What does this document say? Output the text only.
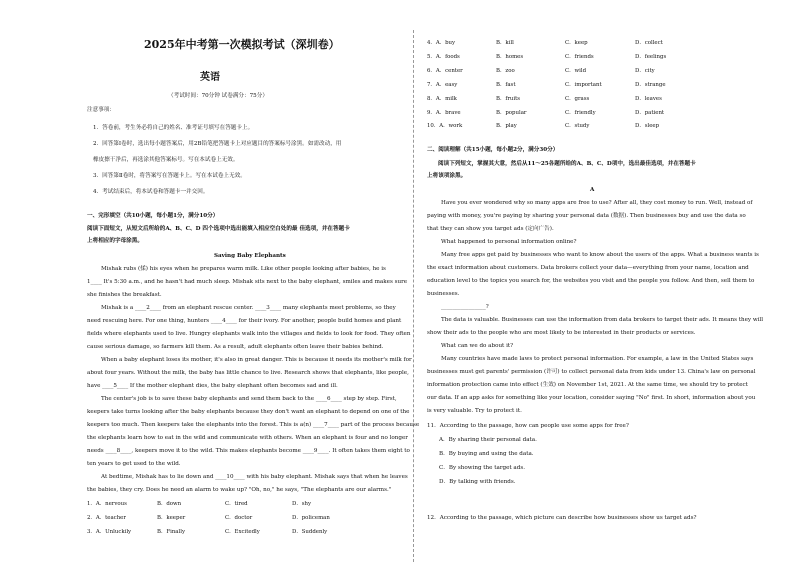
2025年中考第一次模拟考试（深圳卷）
英语
（考试时间：70分钟 试卷满分：75分）
注意事项：
1．答卷前，考生务必将自己的姓名、准考证号填写在答题卡上。
2．回答第Ⅰ卷时，选出每小题答案后，用2B铅笔把答题卡上对应题目的答案标号涂黑。如需改动，用
橡皮擦干净后，再选涂其他答案标号。写在本试卷上无效。
3．回答第Ⅱ卷时，将答案写在答题卡上。写在本试卷上无效。
4．考试结束后，将本试卷和答题卡一并交回。
一、完形填空（共10小题，每小题1分，满分10分）
阅读下面短文，从短文后所给的A、B、C、D 四个选项中选出能填入相应空白处的最 佳选项，并在答题卡
上将相应的字母涂黑。
Saving Baby Elephants
Mishak rubs (揉) his eyes when he prepares warm milk. Like other people looking after babies, he is
1____ It's 5:30 a.m., and he hasn't had much sleep. Mishak sits next to the baby elephant, smiles and makes sure
she finishes the breakfast.
Mishak is a ____2____ from an elephant rescue center. ____3____ many elephants meet problems, so they
need rescuing here. For one thing, hunters ____4____ for their ivory. For another, people build homes and plant
fields where elephants used to live. Hungry elephants walk into the villages and fields to look for food. They often
cause serious damage, so farmers kill them. As a result, adult elephants often leave their babies behind.
When a baby elephant loses its mother, it's also in great danger. This is because it needs its mother's milk for
about four years. Without the milk, the baby has little chance to live. Research shows that elephants, like people,
have ____5____ If the mother elephant dies, the baby elephant often becomes sad and ill.
The center's job is to save these baby elephants and send them back to the ____6____ step by step. First,
keepers take turns looking after the baby elephants because they don't want an elephant to depend on one of the
keepers too much. Then keepers take the elephants into the forest. This is a(n) ____7____ part of the process because
the elephants learn how to eat in the wild and communicate with others. When an elephant is four and no longer
needs ____8____, keepers move it to the wild. This makes elephants become ____9____. It often takes them eight to
ten years to get used to the wild.
At bedtime, Mishak has to lie down and ____10____ with his baby elephant. Mishak says that when he leaves
the babies, they cry. Does he need an alarm to wake up? "Oh, no," he says, "The elephants are our alarms."
1．A．nervous	B．down	C．tired	D．shy
2．A．teacher	B．keeper	C．doctor	D．policeman
3．A．Unluckily	B．Finally	C．Excitedly	D．Suddenly
4．A．buy	B．kill	C．keep	D．collect
5．A．foods	B．homes	C．friends	D．feelings
6．A．center	B．zoo	C．wild	D．city
7．A．easy	B．fast	C．important	D．strange
8．A．milk	B．fruits	C．grass	D．leaves
9．A．brave	B．popular	C．friendly	D．patient
10．A．work	B．play	C．study	D．sleep
二、阅读理解（共15小题，每小题2分，满分30分）
阅读下列短文，掌握其大意，然后从11～25各题所给的A、B、C、D项中，选出最佳选项，并在答题卡
上将该项涂黑。
A
Have you ever wondered why so many apps are free to use? After all, they cost money to run. Well, instead of
paying with money, you're paying by sharing your personal data (数据). Then businesses buy and use the data so
that they can show you target ads (定向广告).
What happened to personal information online?
Many free apps get paid by businesses who want to know about the users of the apps. What a business wants is
the exact information about customers. Data brokers collect your data—everything from your name, location and
education level to the topics you search for, the websites you visit and the people you follow. And then, sell them to
businesses.
________________?
The data is valuable. Businesses can use the information from data brokers to target their ads. It means they will
show their ads to the people who are most likely to be interested in their products or services.
What can we do about it?
Many countries have made laws to protect personal information. For example, a law in the United States says
businesses must get parents' permission (许可) to collect personal data from kids under 13. China's law on personal
information protection came into effect (生效) on November 1st, 2021. At the same time, we should try to protect
our data. If an app asks for something like your location, consider saying "No" first. In short, information about you
is very valuable. Try to protect it.
11．According to the passage, how can people use some apps for free?
A．By sharing their personal data.
B．By buying and using the data.
C．By showing the target ads.
D．By talking with friends.
12．According to the passage, which picture can describe how businesses show us target ads?
